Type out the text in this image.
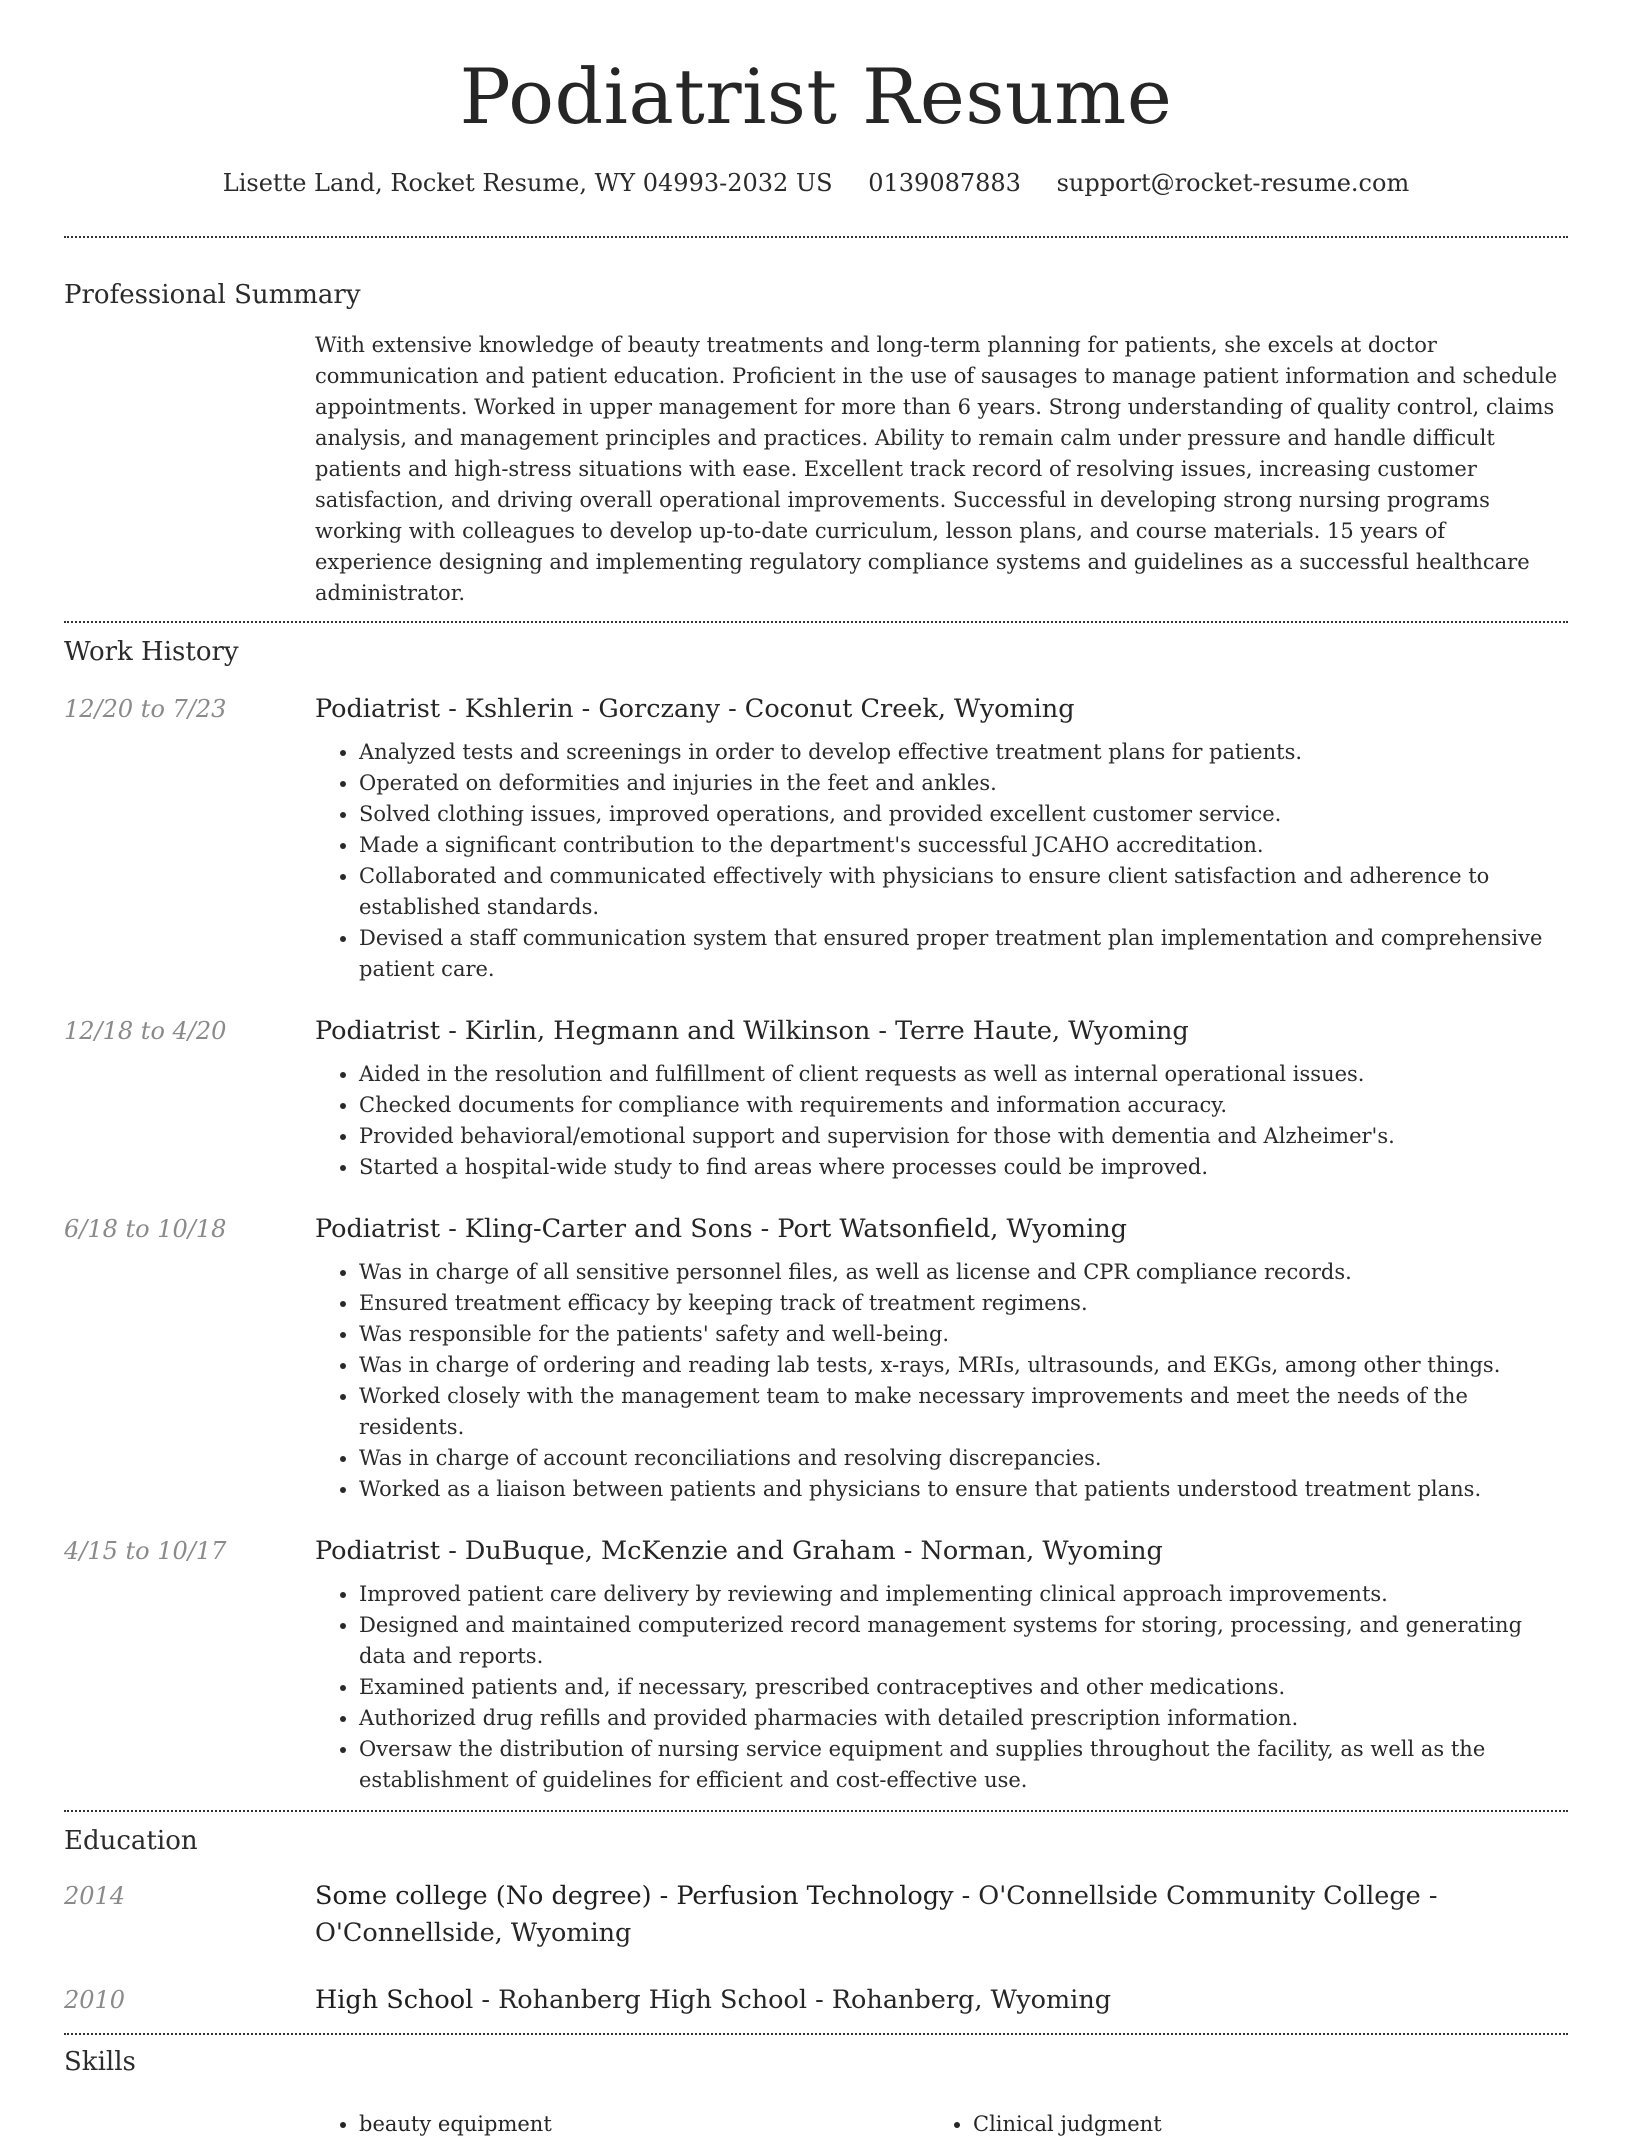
Podiatrist Resume
Lisette Land, Rocket Resume, WY 04993-2032 US 0139087883 support@rocket-resume.com
Professional Summary
With extensive knowledge of beauty treatments and long-term planning for patients, she excels at doctor communication and patient education. Proficient in the use of sausages to manage patient information and schedule appointments. Worked in upper management for more than 6 years. Strong understanding of quality control, claims analysis, and management principles and practices. Ability to remain calm under pressure and handle difficult patients and high-stress situations with ease. Excellent track record of resolving issues, increasing customer satisfaction, and driving overall operational improvements. Successful in developing strong nursing programs working with colleagues to develop up-to-date curriculum, lesson plans, and course materials. 15 years of experience designing and implementing regulatory compliance systems and guidelines as a successful healthcare administrator.
Work History
12/20 to 7/23	Podiatrist - Kshlerin - Gorczany - Coconut Creek, Wyoming
• Analyzed tests and screenings in order to develop effective treatment plans for patients.
• Operated on deformities and injuries in the feet and ankles.
• Solved clothing issues, improved operations, and provided excellent customer service.
• Made a significant contribution to the department's successful JCAHO accreditation.
• Collaborated and communicated effectively with physicians to ensure client satisfaction and adherence to established standards.
• Devised a staff communication system that ensured proper treatment plan implementation and comprehensive patient care.
12/18 to 4/20	Podiatrist - Kirlin, Hegmann and Wilkinson - Terre Haute, Wyoming
• Aided in the resolution and fulfillment of client requests as well as internal operational issues.
• Checked documents for compliance with requirements and information accuracy.
• Provided behavioral/emotional support and supervision for those with dementia and Alzheimer's.
• Started a hospital-wide study to find areas where processes could be improved.
6/18 to 10/18	Podiatrist - Kling-Carter and Sons - Port Watsonfield, Wyoming
• Was in charge of all sensitive personnel files, as well as license and CPR compliance records.
• Ensured treatment efficacy by keeping track of treatment regimens.
• Was responsible for the patients' safety and well-being.
• Was in charge of ordering and reading lab tests, x-rays, MRIs, ultrasounds, and EKGs, among other things.
• Worked closely with the management team to make necessary improvements and meet the needs of the residents.
• Was in charge of account reconciliations and resolving discrepancies.
• Worked as a liaison between patients and physicians to ensure that patients understood treatment plans.
4/15 to 10/17	Podiatrist - DuBuque, McKenzie and Graham - Norman, Wyoming
• Improved patient care delivery by reviewing and implementing clinical approach improvements.
• Designed and maintained computerized record management systems for storing, processing, and generating data and reports.
• Examined patients and, if necessary, prescribed contraceptives and other medications.
• Authorized drug refills and provided pharmacies with detailed prescription information.
• Oversaw the distribution of nursing service equipment and supplies throughout the facility, as well as the establishment of guidelines for efficient and cost-effective use.
Education
2014	Some college (No degree) - Perfusion Technology - O'Connellside Community College - O'Connellside, Wyoming
2010	High School - Rohanberg High School - Rohanberg, Wyoming
Skills
• beauty equipment
•	Clinical judgment
